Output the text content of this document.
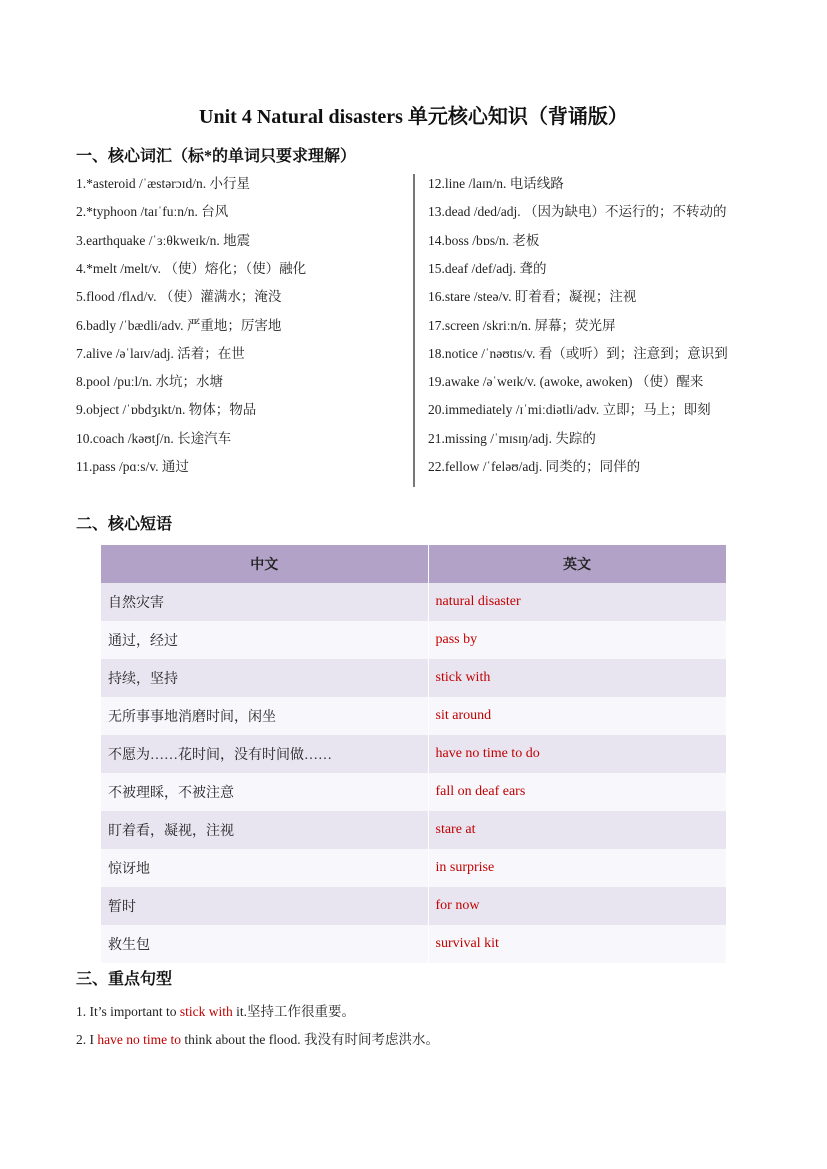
Unit 4 Natural disasters 单元核心知识（背诵版）
一、核心词汇（标*的单词只要求理解）
1.*asteroid /ˈæstərɔɪd/n. 小行星
2.*typhoon /taɪˈfuːn/n. 台风
3.earthquake /ˈɜːθkweɪk/n. 地震
4.*melt /melt/v. （使）熔化；（使）融化
5.flood /flʌd/v. （使）灌满水；淹没
6.badly /ˈbædli/adv. 严重地；厉害地
7.alive /əˈlaɪv/adj. 活着；在世
8.pool /puːl/n. 水坑；水塘
9.object /ˈɒbdʒɪkt/n. 物体；物品
10.coach /kəʊtʃ/n. 长途汽车
11.pass /pɑːs/v. 通过
12.line /laɪn/n. 电话线路
13.dead /ded/adj. （因为缺电）不运行的；不转动的
14.boss /bɒs/n. 老板
15.deaf /def/adj. 聋的
16.stare /steə/v. 盯着看；凝视；注视
17.screen /skriːn/n. 屏幕；荧光屏
18.notice /ˈnəʊtɪs/v. 看（或听）到；注意到；意识到
19.awake /əˈweɪk/v. (awoke, awoken) （使）醒来
20.immediately /ɪˈmiːdiətli/adv. 立即；马上；即刻
21.missing /ˈmɪsɪŋ/adj. 失踪的
22.fellow /ˈfeləʊ/adj. 同类的；同伴的
二、核心短语
中文	英文
自然灾害	natural disaster
通过，经过	pass by
持续，坚持	stick with
无所事事地消磨时间，闲坐	sit around
不愿为……花时间，没有时间做……	have no time to do
不被理睬，不被注意	fall on deaf ears
盯着看，凝视，注视	stare at
惊讶地	in surprise
暂时	for now
救生包	survival kit
三、重点句型
1. It’s important to stick with it.坚持工作很重要。
2. I have no time to think about the flood. 我没有时间考虑洪水。
